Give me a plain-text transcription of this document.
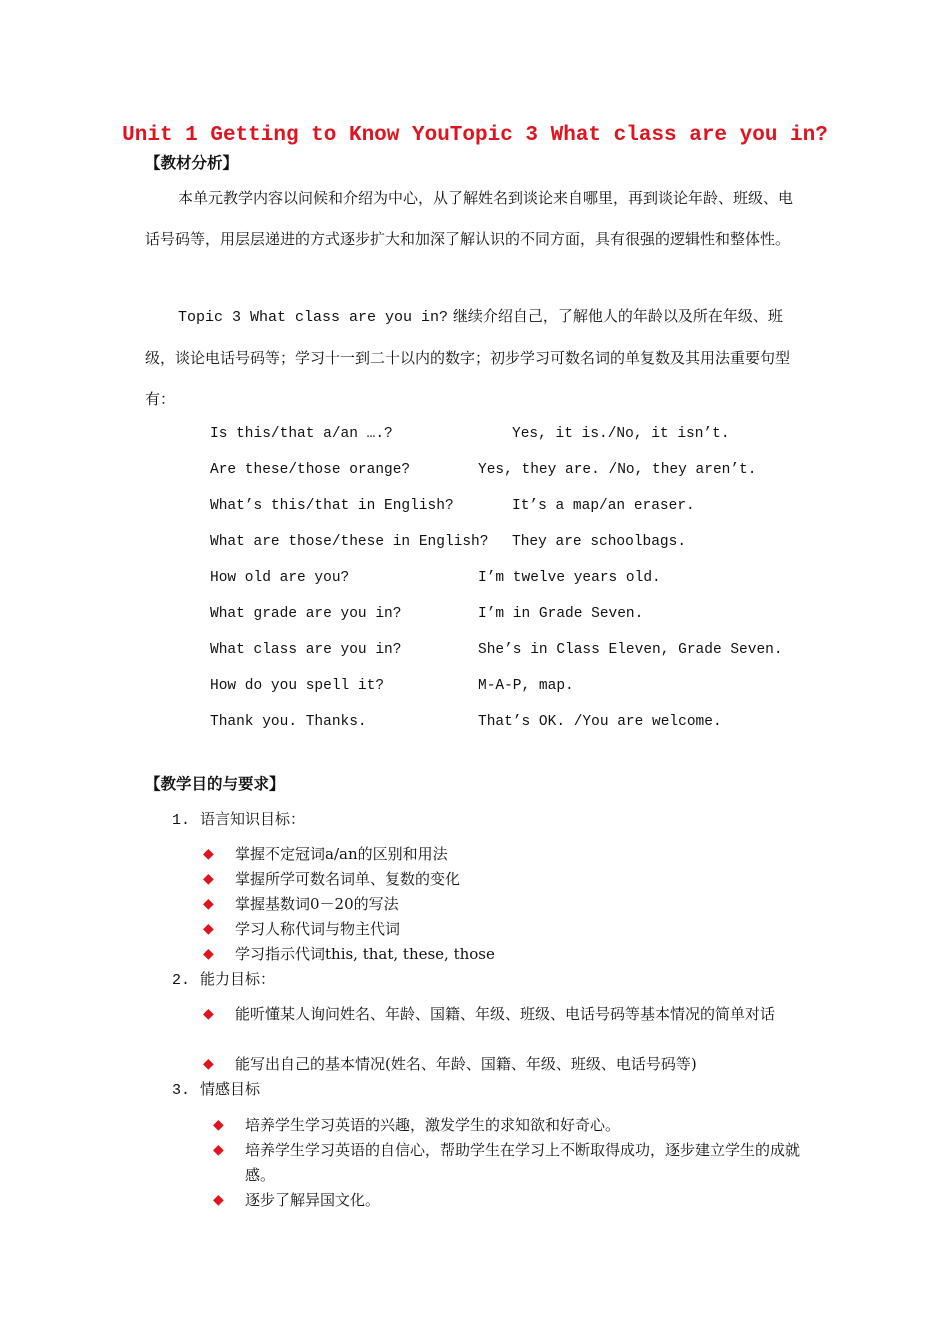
Unit 1 Getting to Know YouTopic 3 What class are you in?
【教材分析】

本单元教学内容以问候和介绍为中心，从了解姓名到谈论来自哪里，再到谈论年龄、班级、电话号码等，用层层递进的方式逐步扩大和加深了解认识的不同方面，具有很强的逻辑性和整体性。

Topic 3 What class are you in? 继续介绍自己，了解他人的年龄以及所在年级、班级，谈论电话号码等；学习十一到二十以内的数字；初步学习可数名词的单复数及其用法重要句型有：

Is this/that a/an ….?	Yes, it is./No, it isn’t.
Are these/those orange?	Yes, they are. /No, they aren’t.
What’s this/that in English?	It’s a map/an eraser.
What are those/these in English? They are schoolbags.
How old are you?	I’m twelve years old.
What grade are you in?	I’m in Grade Seven.
What class are you in?	She’s in Class Eleven, Grade Seven.
How do you spell it?	M-A-P, map.
Thank you. Thanks.	That’s OK. /You are welcome.
【教学目的与要求】
1. 语言知识目标：
◆ 掌握不定冠词a/an的区别和用法
◆ 掌握所学可数名词单、复数的变化
◆ 掌握基数词0－20的写法
◆ 学习人称代词与物主代词
◆ 学习指示代词this, that, these, those
2. 能力目标：
◆ 能听懂某人询问姓名、年龄、国籍、年级、班级、电话号码等基本情况的简单对话
◆ 能写出自己的基本情况(姓名、年龄、国籍、年级、班级、电话号码等)
3. 情感目标
◆ 培养学生学习英语的兴趣，激发学生的求知欲和好奇心。
◆ 培养学生学习英语的自信心，帮助学生在学习上不断取得成功，逐步建立学生的成就感。
◆ 逐步了解异国文化。
